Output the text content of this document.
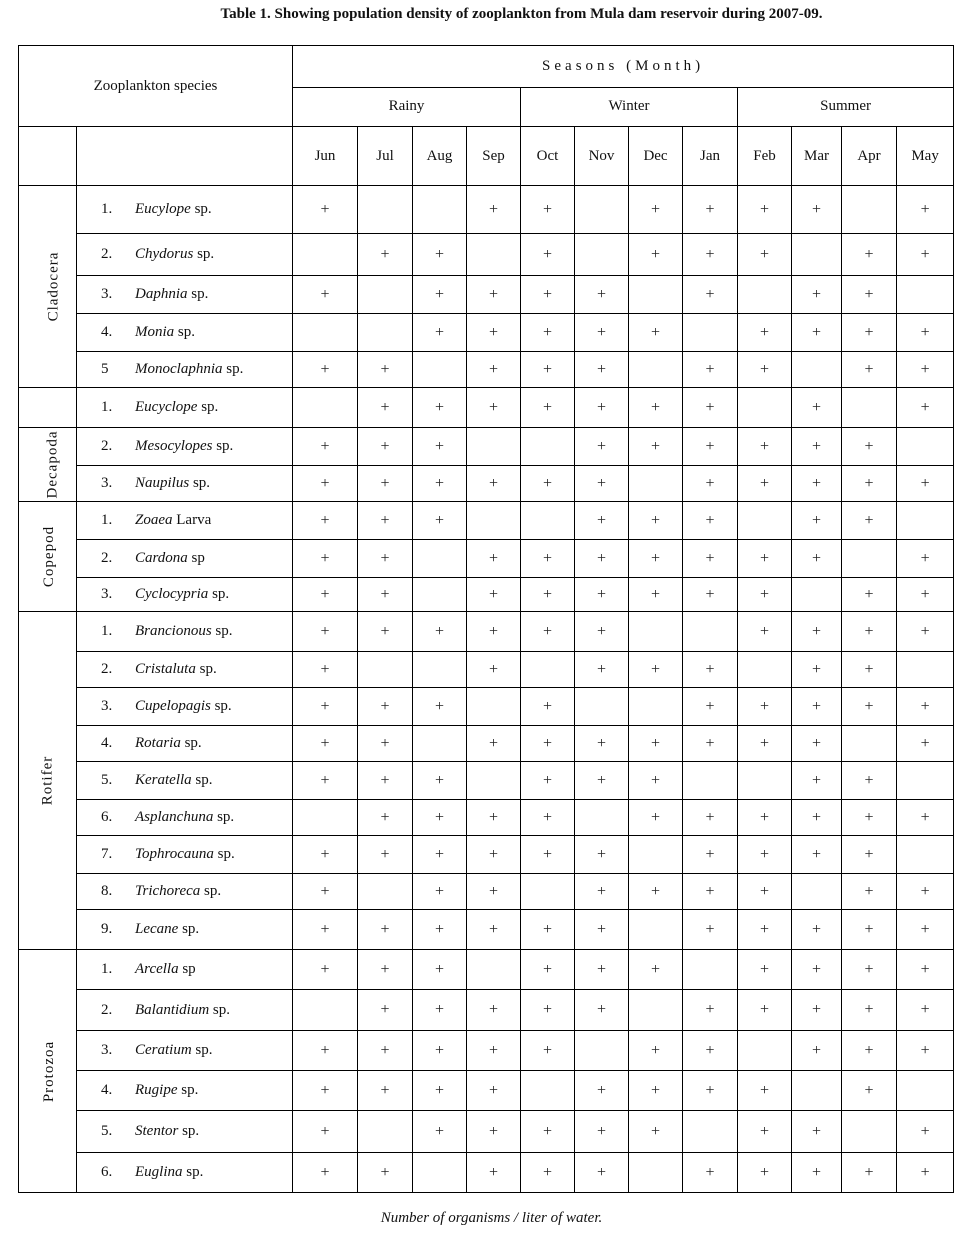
Table 1. Showing population density of zooplankton from Mula dam reservoir during 2007-09.
Zooplankton species		Seasons (Month)											
		Rainy				Winter				Summer			
		Jun	Jul	Aug	Sep	Oct	Nov	Dec	Jan	Feb	Mar	Apr	May
Cladocera	1. Eucylope sp.	+			+	+		+	+	+	+		+
	2. Chydorus sp.		+	+		+		+	+	+		+	+
	3. Daphnia sp.	+		+	+	+	+		+		+	+	
	4. Monia sp.			+	+	+	+	+		+	+	+	+
	5 Monoclaphnia sp.	+	+		+	+	+		+	+		+	+
	1. Eucyclope sp.		+	+	+	+	+	+	+		+		+
Decapoda	2. Mesocylopes sp.	+	+	+			+	+	+	+	+	+	
	3. Naupilus sp.	+	+	+	+	+	+		+	+	+	+	+
Copepod	1. Zoaea Larva	+	+	+			+	+	+		+	+	
	2. Cardona sp	+	+		+	+	+	+	+	+	+		+
	3. Cyclocypria sp.	+	+		+	+	+	+	+	+		+	+
Rotifer	1. Brancionous sp.	+	+	+	+	+	+			+	+	+	+
	2. Cristaluta sp.	+			+		+	+	+		+	+	
	3. Cupelopagis sp.	+	+	+		+			+	+	+	+	+
	4. Rotaria sp.	+	+		+	+	+	+	+	+	+		+
	5. Keratella sp.	+	+	+		+	+	+			+	+	
	6. Asplanchuna sp.		+	+	+	+		+	+	+	+	+	+
	7. Tophrocauna sp.	+	+	+	+	+	+		+	+	+	+	
	8. Trichoreca sp.	+		+	+		+	+	+	+		+	+
	9. Lecane sp.	+	+	+	+	+	+		+	+	+	+	+
Protozoa	1. Arcella sp	+	+	+		+	+	+		+	+	+	+
	2. Balantidium sp.		+	+	+	+	+		+	+	+	+	+
	3. Ceratium sp.	+	+	+	+	+		+	+		+	+	+
	4. Rugipe sp.	+	+	+	+		+	+	+	+		+	
	5. Stentor sp.	+		+	+	+	+	+		+	+		+
	6. Euglina sp.	+	+		+	+	+		+	+	+	+	+
Number of organisms / liter of water.
